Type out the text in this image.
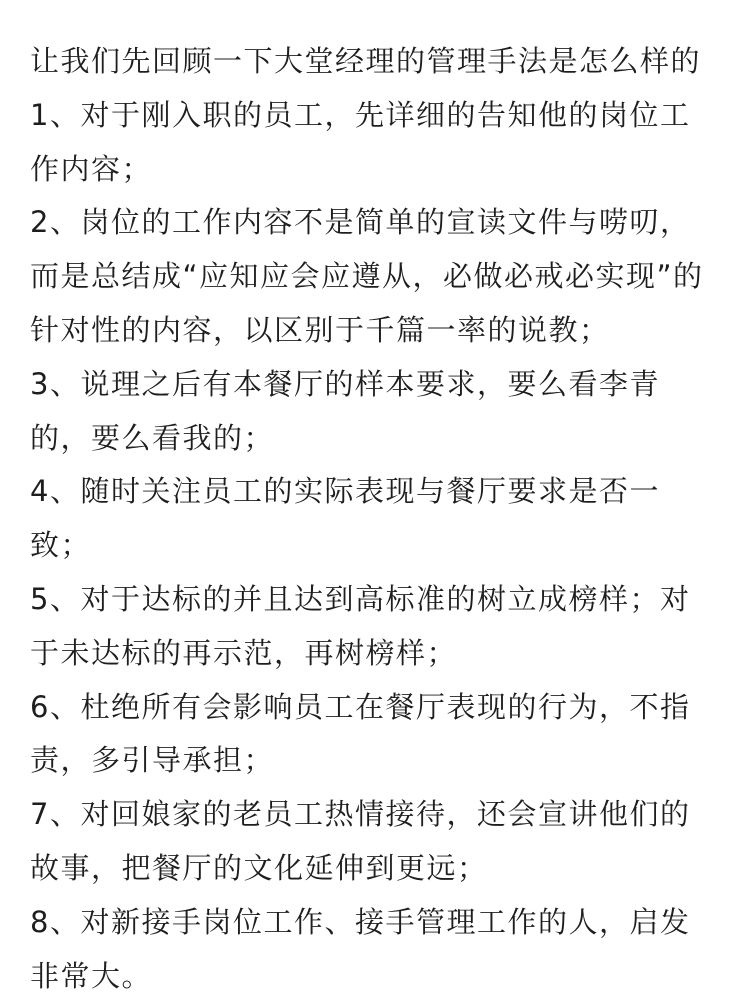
让我们先回顾一下大堂经理的管理手法是怎么样的
1、对于刚入职的员工，先详细的告知他的岗位工
作内容；
2、岗位的工作内容不是简单的宣读文件与唠叨，
而是总结成“应知应会应遵从，必做必戒必实现”的
针对性的内容，以区别于千篇一率的说教；
3、说理之后有本餐厅的样本要求，要么看李青
的，要么看我的；
4、随时关注员工的实际表现与餐厅要求是否一
致；
5、对于达标的并且达到高标准的树立成榜样；对
于未达标的再示范，再树榜样；
6、杜绝所有会影响员工在餐厅表现的行为，不指
责，多引导承担；
7、对回娘家的老员工热情接待，还会宣讲他们的
故事，把餐厅的文化延伸到更远；
8、对新接手岗位工作、接手管理工作的人，启发
非常大。
